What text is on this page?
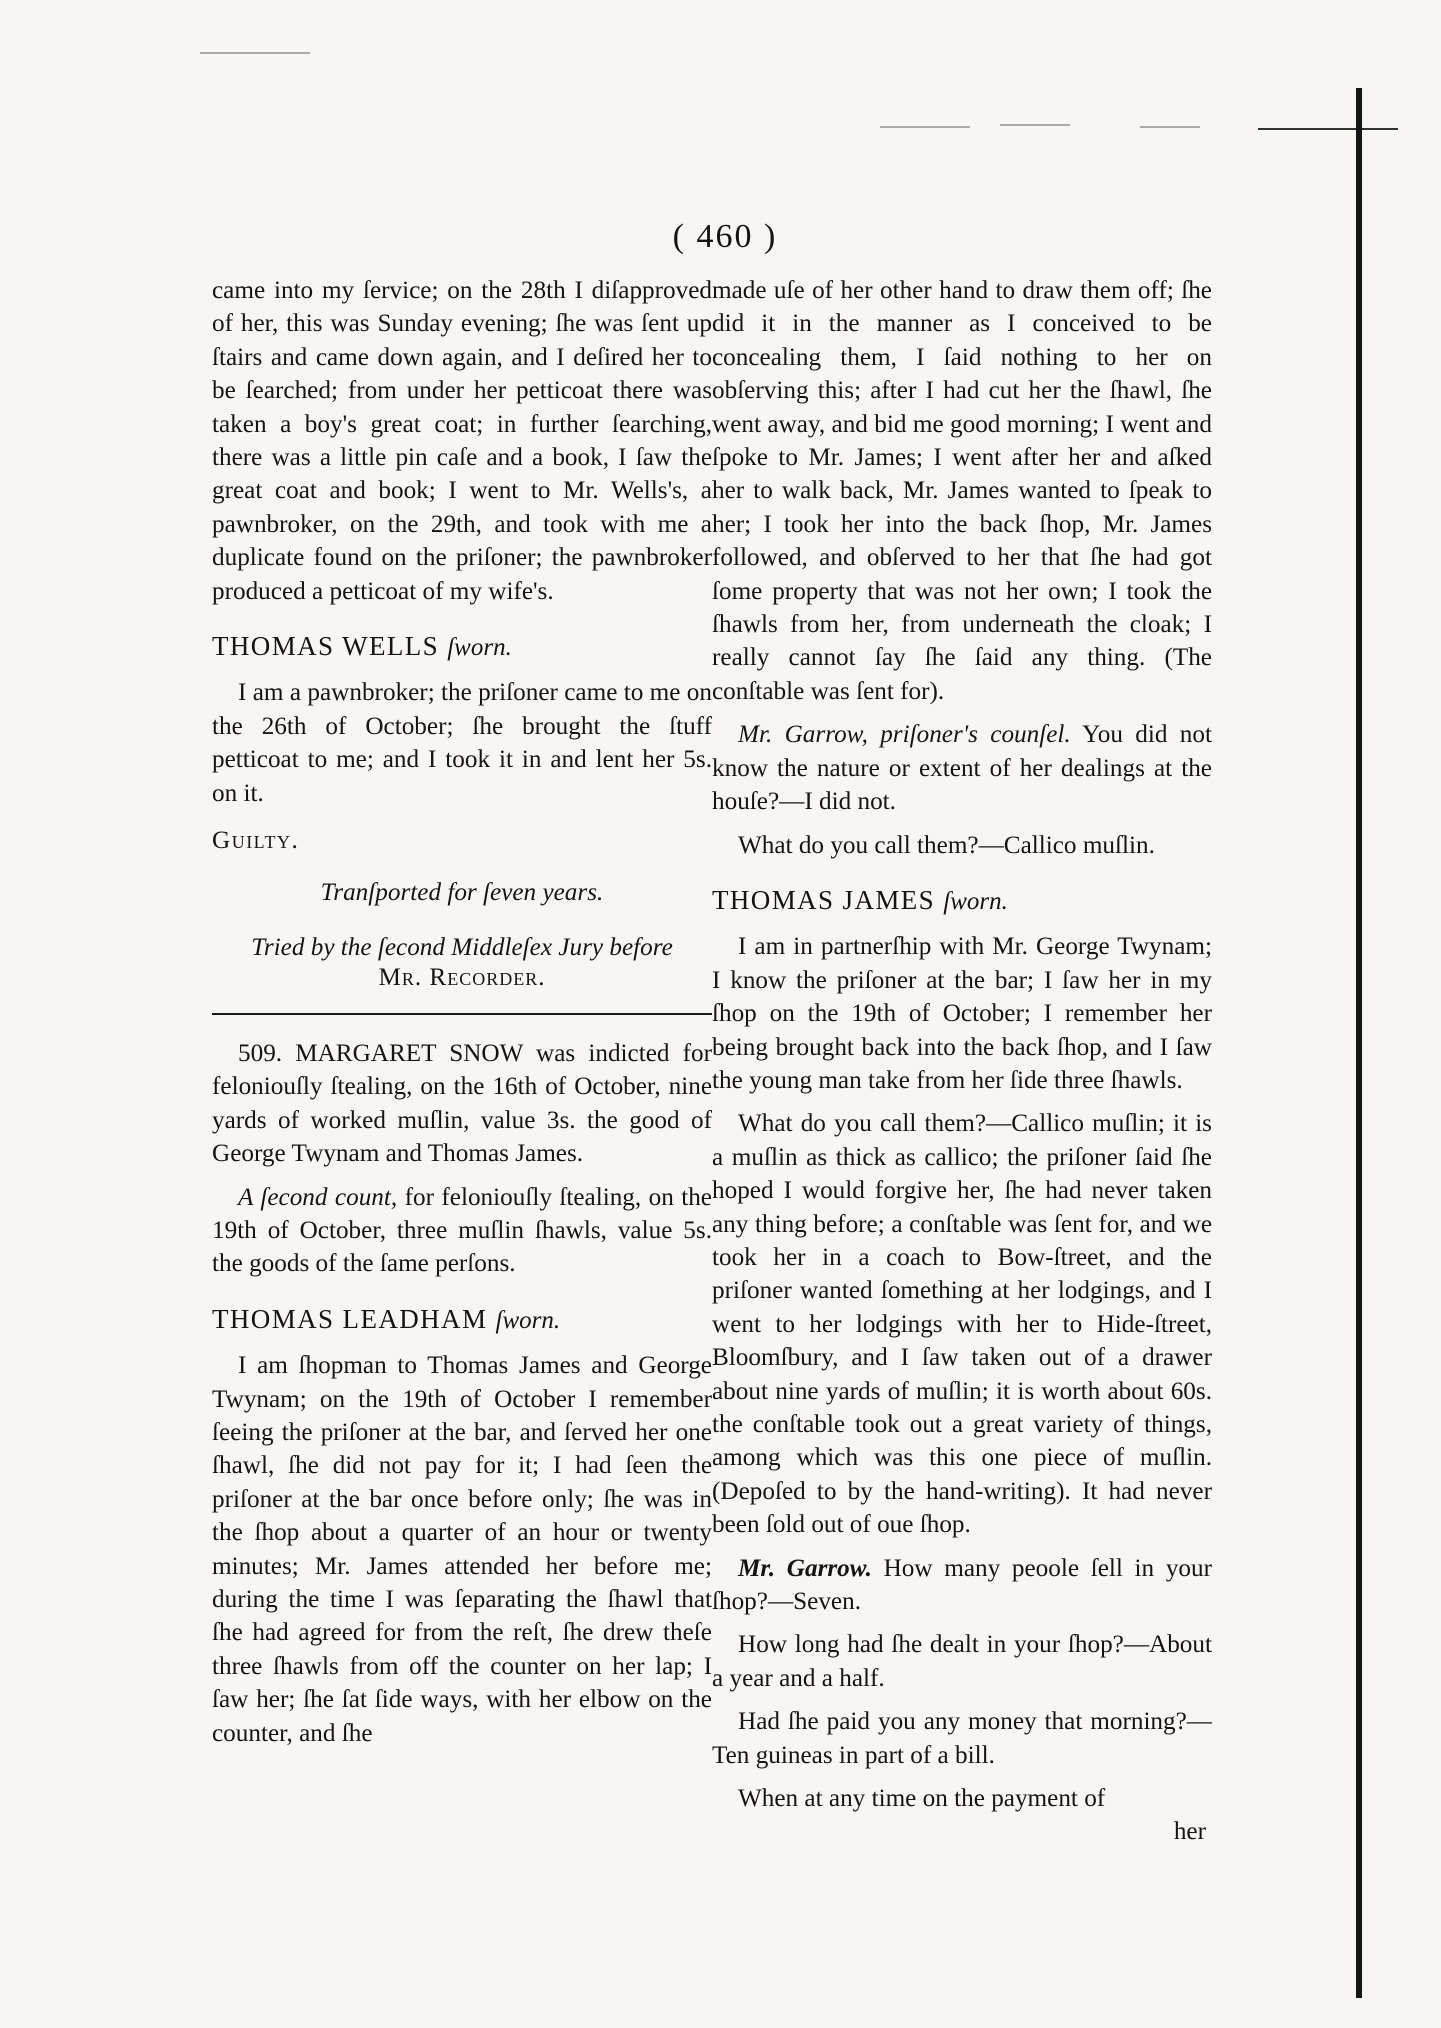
( 460 )

came into my ſervice; on the 28th I diſapproved of her, this was Sunday evening; ſhe was ſent up ſtairs and came down again, and I deſired her to be ſearched; from under her petticoat there was taken a boy's great coat; in further ſearching, there was a little pin caſe and a book, I ſaw the great coat and book; I went to Mr. Wells's, a pawnbroker, on the 29th, and took with me a duplicate found on the priſoner; the pawnbroker produced a petticoat of my wife's.

THOMAS WELLS ſworn.

I am a pawnbroker; the priſoner came to me on the 26th of October; ſhe brought the ſtuff petticoat to me; and I took it in and lent her 5s. on it.

Guilty.

Tranſported for ſeven years.

Tried by the ſecond Middleſex Jury before
Mr. Recorder.

509. MARGARET SNOW was indicted for feloniouſly ſtealing, on the 16th of October, nine yards of worked muſlin, value 3s. the good of George Twynam and Thomas James.

A ſecond count, for feloniouſly ſtealing, on the 19th of October, three muſlin ſhawls, value 5s. the goods of the ſame perſons.

THOMAS LEADHAM ſworn.

I am ſhopman to Thomas James and George Twynam; on the 19th of October I remember ſeeing the priſoner at the bar, and ſerved her one ſhawl, ſhe did not pay for it; I had ſeen the priſoner at the bar once before only; ſhe was in the ſhop about a quarter of an hour or twenty minutes; Mr. James attended her before me; during the time I was ſeparating the ſhawl that ſhe had agreed for from the reſt, ſhe drew theſe three ſhawls from off the counter on her lap; I ſaw her; ſhe ſat ſide ways, with her elbow on the counter, and ſhe

made uſe of her other hand to draw them off; ſhe did it in the manner as I conceived to be concealing them, I ſaid nothing to her on obſerving this; after I had cut her the ſhawl, ſhe went away, and bid me good morning; I went and ſpoke to Mr. James; I went after her and aſked her to walk back, Mr. James wanted to ſpeak to her; I took her into the back ſhop, Mr. James followed, and obſerved to her that ſhe had got ſome property that was not her own; I took the ſhawls from her, from underneath the cloak; I really cannot ſay ſhe ſaid any thing. (The conſtable was ſent for).

Mr. Garrow, priſoner's counſel. You did not know the nature or extent of her dealings at the houſe?—I did not.

What do you call them?—Callico muſlin.

THOMAS JAMES ſworn.

I am in partnerſhip with Mr. George Twynam; I know the priſoner at the bar; I ſaw her in my ſhop on the 19th of October; I remember her being brought back into the back ſhop, and I ſaw the young man take from her ſide three ſhawls.

What do you call them?—Callico muſlin; it is a muſlin as thick as callico; the priſoner ſaid ſhe hoped I would forgive her, ſhe had never taken any thing before; a conſtable was ſent for, and we took her in a coach to Bow-ſtreet, and the priſoner wanted ſomething at her lodgings, and I went to her lodgings with her to Hide-ſtreet, Bloomſbury, and I ſaw taken out of a drawer about nine yards of muſlin; it is worth about 60s. the conſtable took out a great variety of things, among which was this one piece of muſlin. (Depoſed to by the hand-writing). It had never been ſold out of oue ſhop.

Mr. Garrow. How many peoole ſell in your ſhop?—Seven.

How long had ſhe dealt in your ſhop?—About a year and a half.

Had ſhe paid you any money that morning?—Ten guineas in part of a bill.

When at any time on the payment of

her
